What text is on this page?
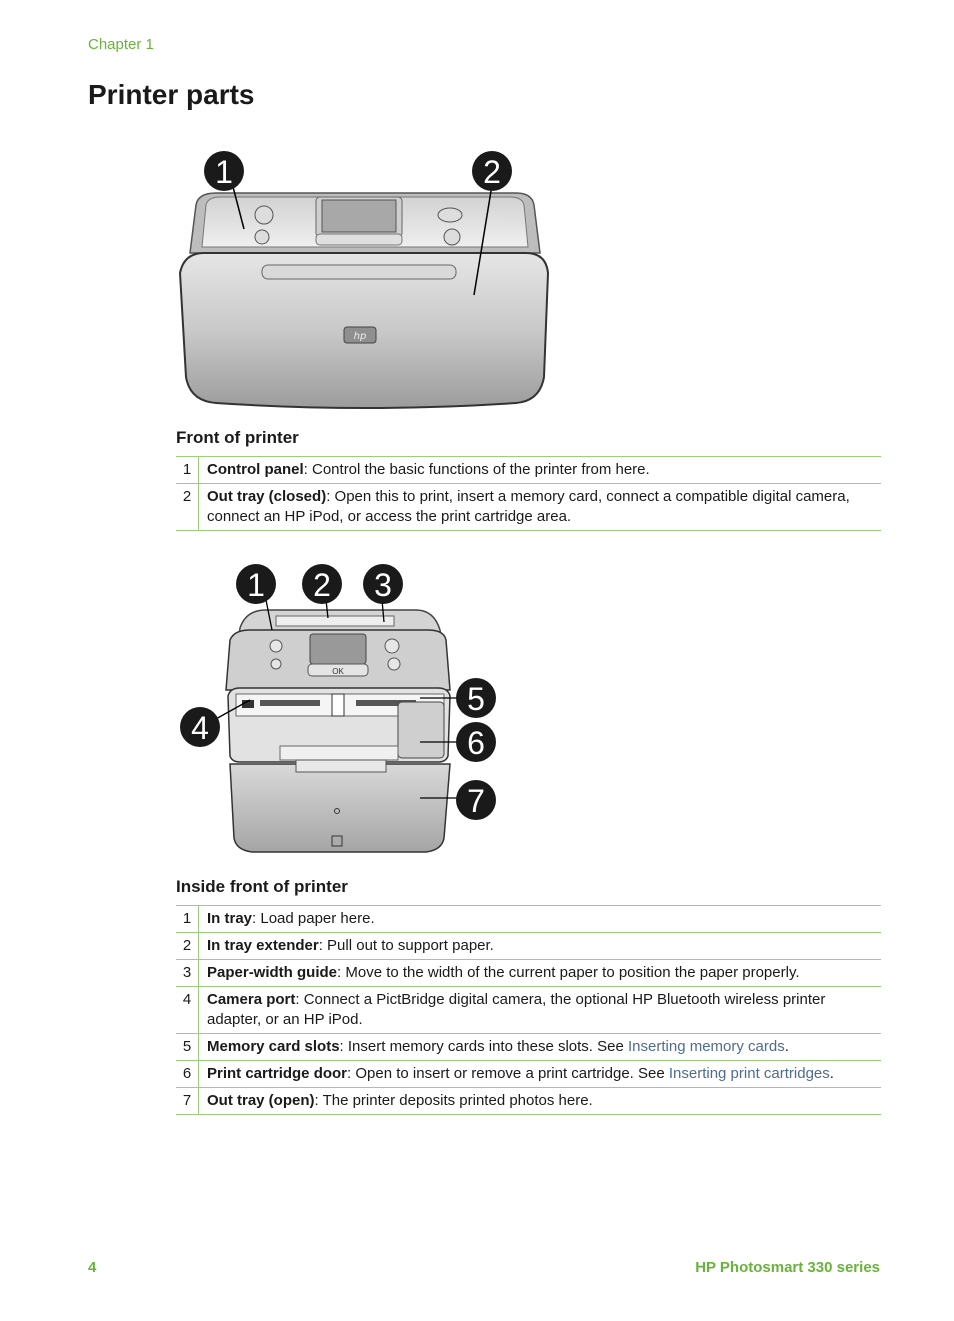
Chapter 1
Printer parts
hp
1	2
Front of printer
1	Control panel: Control the basic functions of the printer from here.
2	Out tray (closed): Open this to print, insert a memory card, connect a compatible digital camera, connect an HP iPod, or access the print cartridge area.
OK
1 2 3
4
5
6
7
Inside front of printer
1	In tray: Load paper here.
2	In tray extender: Pull out to support paper.
3	Paper-width guide: Move to the width of the current paper to position the paper properly.
4	Camera port: Connect a PictBridge digital camera, the optional HP Bluetooth wireless printer adapter, or an HP iPod.
5	Memory card slots: Insert memory cards into these slots. See Inserting memory cards.
6	Print cartridge door: Open to insert or remove a print cartridge. See Inserting print cartridges.
7	Out tray (open): The printer deposits printed photos here.
4	HP Photosmart 330 series
